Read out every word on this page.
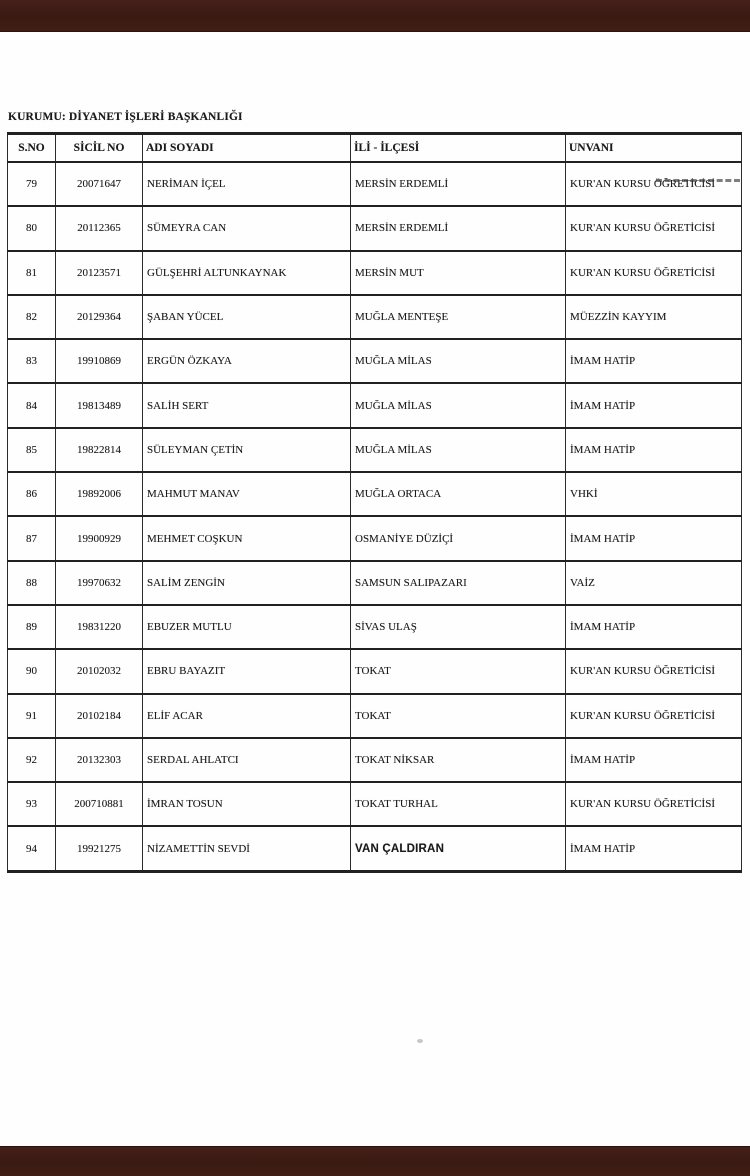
KURUMU: DİYANET İŞLERİ BAŞKANLIĞI
S.NO	SİCİL NO	ADI SOYADI	İLİ - İLÇESİ	UNVANI
79	20071647	NERİMAN İÇEL	MERSİN ERDEMLİ	KUR'AN KURSU ÖĞRETİCİSİ
80	20112365	SÜMEYRA CAN	MERSİN ERDEMLİ	KUR'AN KURSU ÖĞRETİCİSİ
81	20123571	GÜLŞEHRİ ALTUNKAYNAK	MERSİN MUT	KUR'AN KURSU ÖĞRETİCİSİ
82	20129364	ŞABAN YÜCEL	MUĞLA MENTEŞE	MÜEZZİN KAYYIM
83	19910869	ERGÜN ÖZKAYA	MUĞLA MİLAS	İMAM HATİP
84	19813489	SALİH SERT	MUĞLA MİLAS	İMAM HATİP
85	19822814	SÜLEYMAN ÇETİN	MUĞLA MİLAS	İMAM HATİP
86	19892006	MAHMUT MANAV	MUĞLA ORTACA	VHKİ
87	19900929	MEHMET COŞKUN	OSMANİYE DÜZİÇİ	İMAM HATİP
88	19970632	SALİM ZENGİN	SAMSUN SALIPAZARI	VAİZ
89	19831220	EBUZER MUTLU	SİVAS ULAŞ	İMAM HATİP
90	20102032	EBRU BAYAZIT	TOKAT	KUR'AN KURSU ÖĞRETİCİSİ
91	20102184	ELİF ACAR	TOKAT	KUR'AN KURSU ÖĞRETİCİSİ
92	20132303	SERDAL AHLATCI	TOKAT NİKSAR	İMAM HATİP
93	200710881	İMRAN TOSUN	TOKAT TURHAL	KUR'AN KURSU ÖĞRETİCİSİ
94	19921275	NİZAMETTİN SEVDİ	VAN ÇALDIRAN	İMAM HATİP
